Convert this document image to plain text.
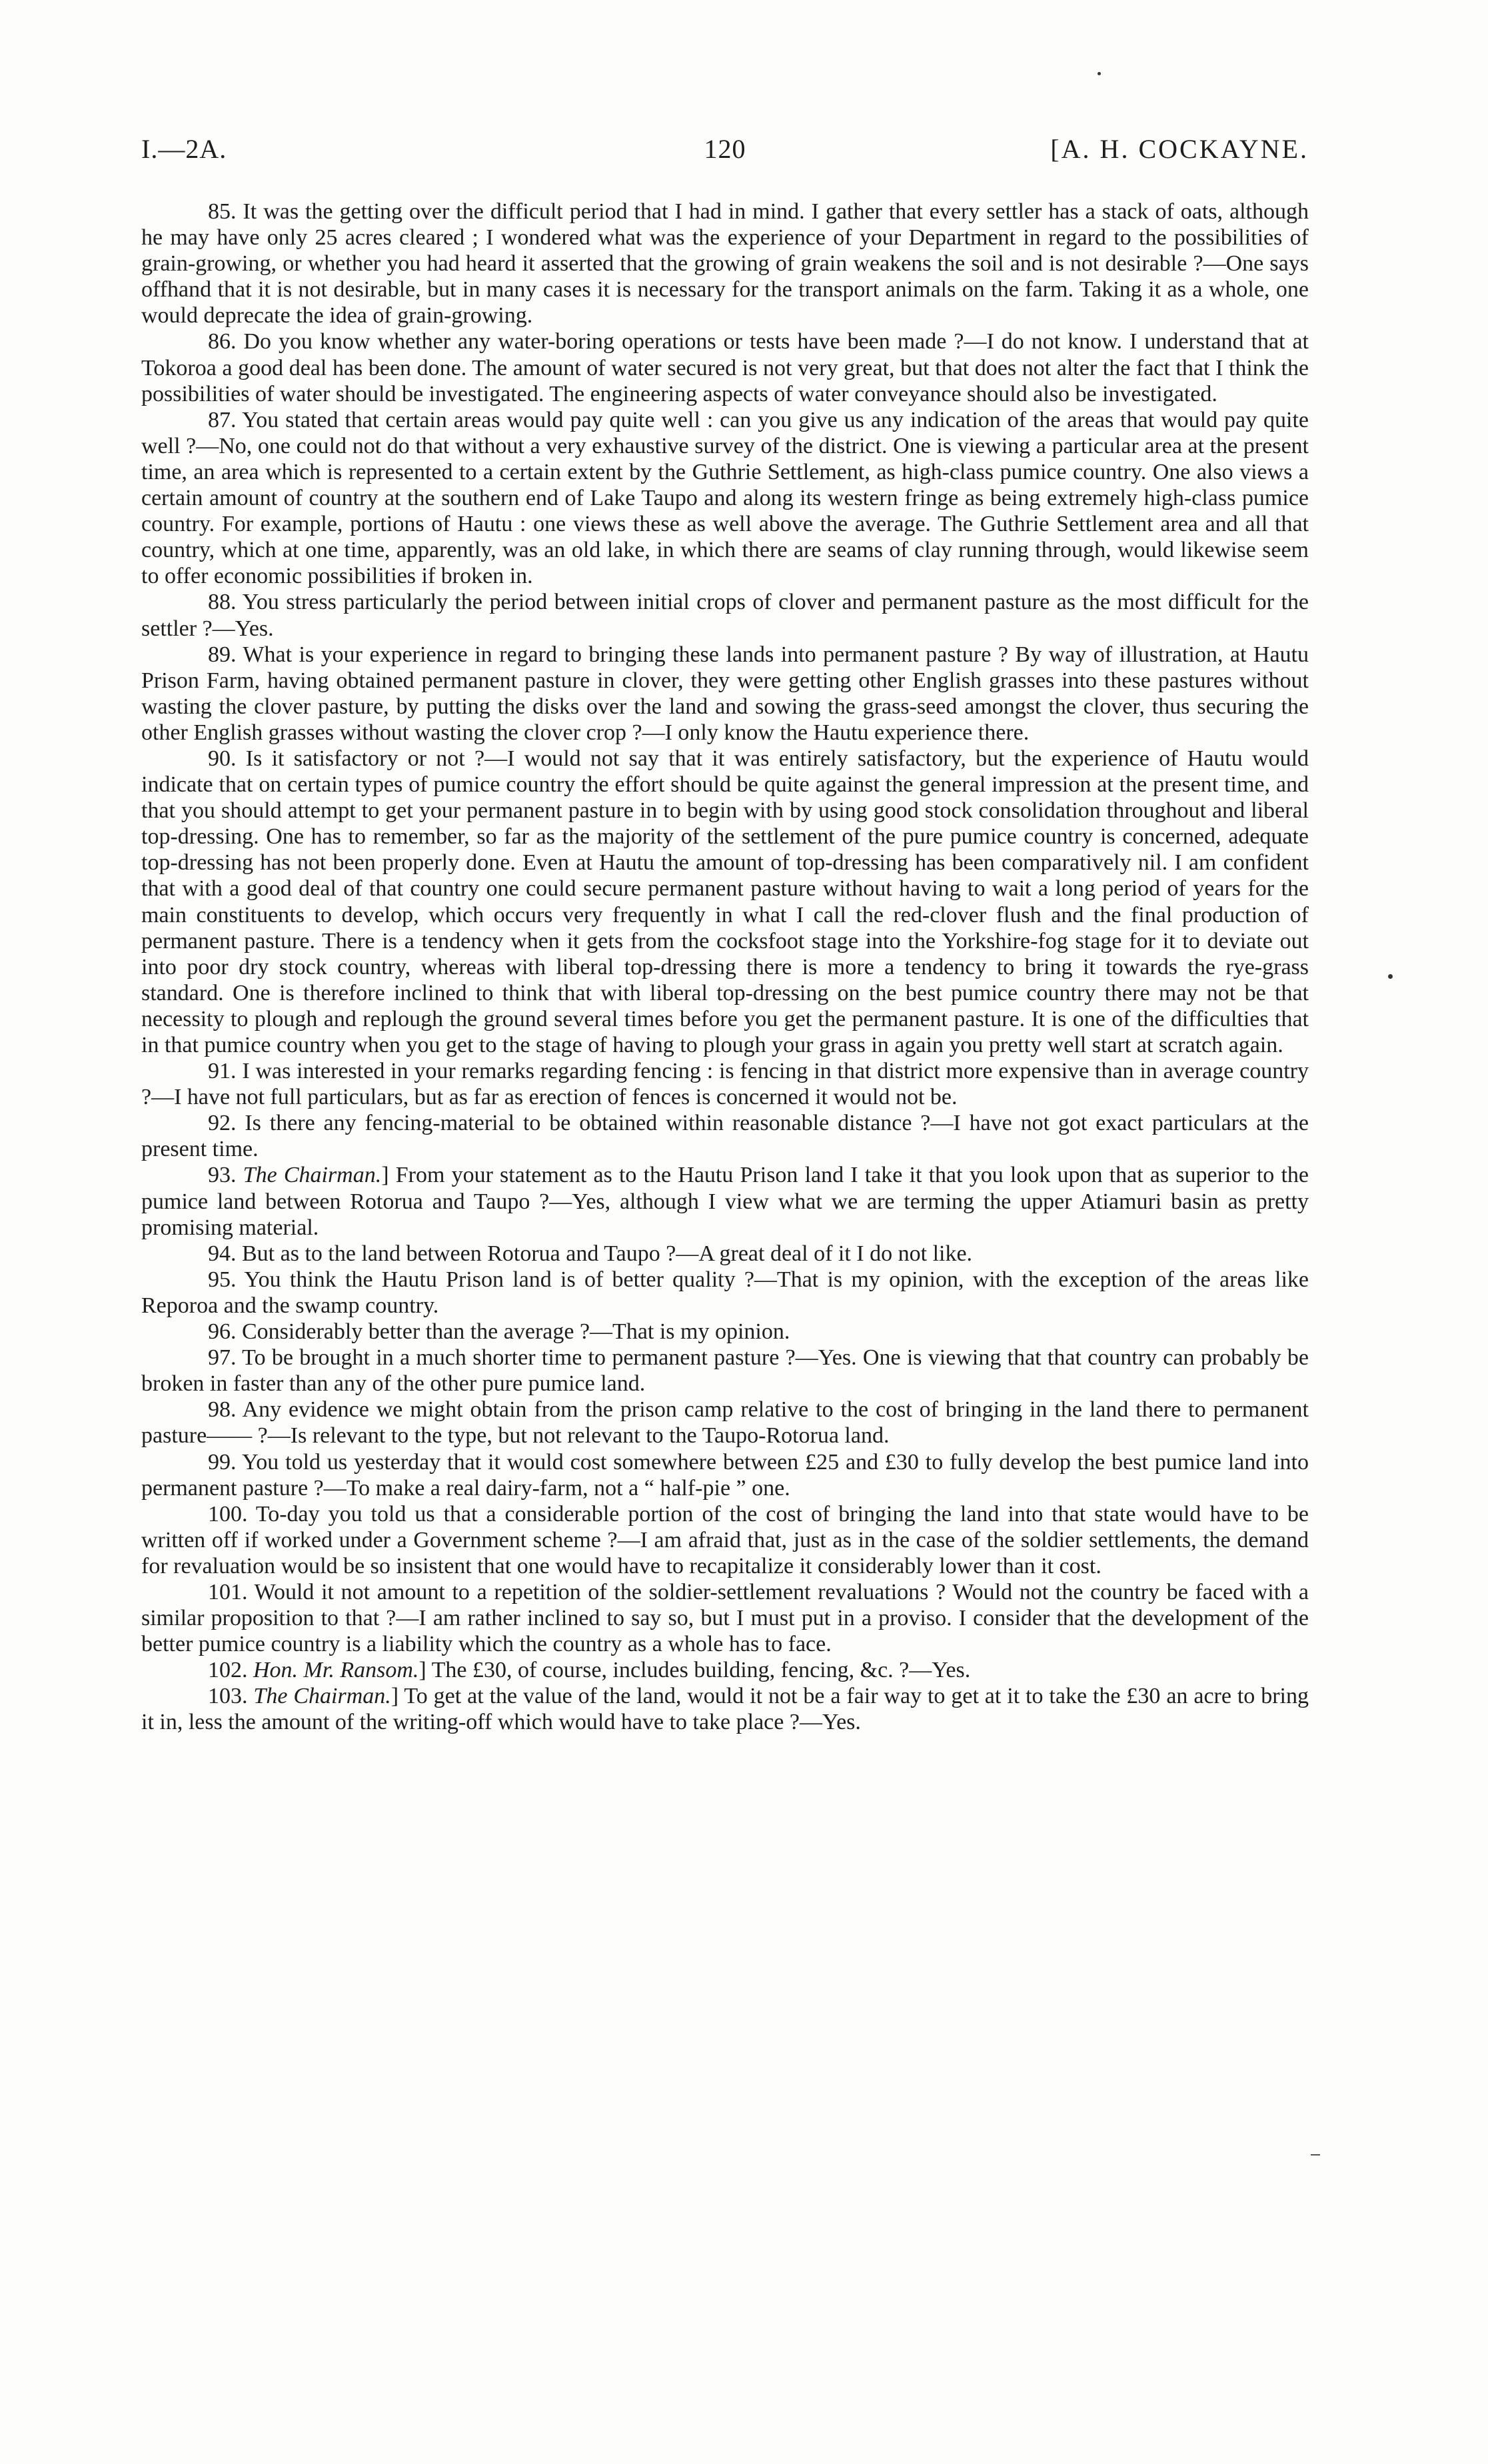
I.—2A.	120	[A. H. COCKAYNE.

85. It was the getting over the difficult period that I had in mind. I gather that every settler has a stack of oats, although he may have only 25 acres cleared ; I wondered what was the experience of your Department in regard to the possibilities of grain-growing, or whether you had heard it asserted that the growing of grain weakens the soil and is not desirable ?—One says offhand that it is not desirable, but in many cases it is necessary for the transport animals on the farm. Taking it as a whole, one would deprecate the idea of grain-growing.

86. Do you know whether any water-boring operations or tests have been made ?—I do not know. I understand that at Tokoroa a good deal has been done. The amount of water secured is not very great, but that does not alter the fact that I think the possibilities of water should be investigated. The engineering aspects of water conveyance should also be investigated.

87. You stated that certain areas would pay quite well : can you give us any indication of the areas that would pay quite well ?—No, one could not do that without a very exhaustive survey of the district. One is viewing a particular area at the present time, an area which is represented to a certain extent by the Guthrie Settlement, as high-class pumice country. One also views a certain amount of country at the southern end of Lake Taupo and along its western fringe as being extremely high-class pumice country. For example, portions of Hautu : one views these as well above the average. The Guthrie Settlement area and all that country, which at one time, apparently, was an old lake, in which there are seams of clay running through, would likewise seem to offer economic possibilities if broken in.

88. You stress particularly the period between initial crops of clover and permanent pasture as the most difficult for the settler ?—Yes.

89. What is your experience in regard to bringing these lands into permanent pasture ? By way of illustration, at Hautu Prison Farm, having obtained permanent pasture in clover, they were getting other English grasses into these pastures without wasting the clover pasture, by putting the disks over the land and sowing the grass-seed amongst the clover, thus securing the other English grasses without wasting the clover crop ?—I only know the Hautu experience there.

90. Is it satisfactory or not ?—I would not say that it was entirely satisfactory, but the experience of Hautu would indicate that on certain types of pumice country the effort should be quite against the general impression at the present time, and that you should attempt to get your permanent pasture in to begin with by using good stock consolidation throughout and liberal top-dressing. One has to remember, so far as the majority of the settlement of the pure pumice country is concerned, adequate top-dressing has not been properly done. Even at Hautu the amount of top-dressing has been comparatively nil. I am confident that with a good deal of that country one could secure permanent pasture without having to wait a long period of years for the main constituents to develop, which occurs very frequently in what I call the red-clover flush and the final production of permanent pasture. There is a tendency when it gets from the cocksfoot stage into the Yorkshire-fog stage for it to deviate out into poor dry stock country, whereas with liberal top-dressing there is more a tendency to bring it towards the rye-grass standard. One is therefore inclined to think that with liberal top-dressing on the best pumice country there may not be that necessity to plough and replough the ground several times before you get the permanent pasture. It is one of the difficulties that in that pumice country when you get to the stage of having to plough your grass in again you pretty well start at scratch again.

91. I was interested in your remarks regarding fencing : is fencing in that district more expensive than in average country ?—I have not full particulars, but as far as erection of fences is concerned it would not be.

92. Is there any fencing-material to be obtained within reasonable distance ?—I have not got exact particulars at the present time.

93. The Chairman.] From your statement as to the Hautu Prison land I take it that you look upon that as superior to the pumice land between Rotorua and Taupo ?—Yes, although I view what we are terming the upper Atiamuri basin as pretty promising material.

94. But as to the land between Rotorua and Taupo ?—A great deal of it I do not like.

95. You think the Hautu Prison land is of better quality ?—That is my opinion, with the exception of the areas like Reporoa and the swamp country.

96. Considerably better than the average ?—That is my opinion.

97. To be brought in a much shorter time to permanent pasture ?—Yes. One is viewing that that country can probably be broken in faster than any of the other pure pumice land.

98. Any evidence we might obtain from the prison camp relative to the cost of bringing in the land there to permanent pasture—— ?—Is relevant to the type, but not relevant to the Taupo-Rotorua land.

99. You told us yesterday that it would cost somewhere between £25 and £30 to fully develop the best pumice land into permanent pasture ?—To make a real dairy-farm, not a “ half-pie ” one.

100. To-day you told us that a considerable portion of the cost of bringing the land into that state would have to be written off if worked under a Government scheme ?—I am afraid that, just as in the case of the soldier settlements, the demand for revaluation would be so insistent that one would have to recapitalize it considerably lower than it cost.

101. Would it not amount to a repetition of the soldier-settlement revaluations ? Would not the country be faced with a similar proposition to that ?—I am rather inclined to say so, but I must put in a proviso. I consider that the development of the better pumice country is a liability which the country as a whole has to face.

102. Hon. Mr. Ransom.] The £30, of course, includes building, fencing, &c. ?—Yes.

103. The Chairman.] To get at the value of the land, would it not be a fair way to get at it to take the £30 an acre to bring it in, less the amount of the writing-off which would have to take place ?—Yes.
